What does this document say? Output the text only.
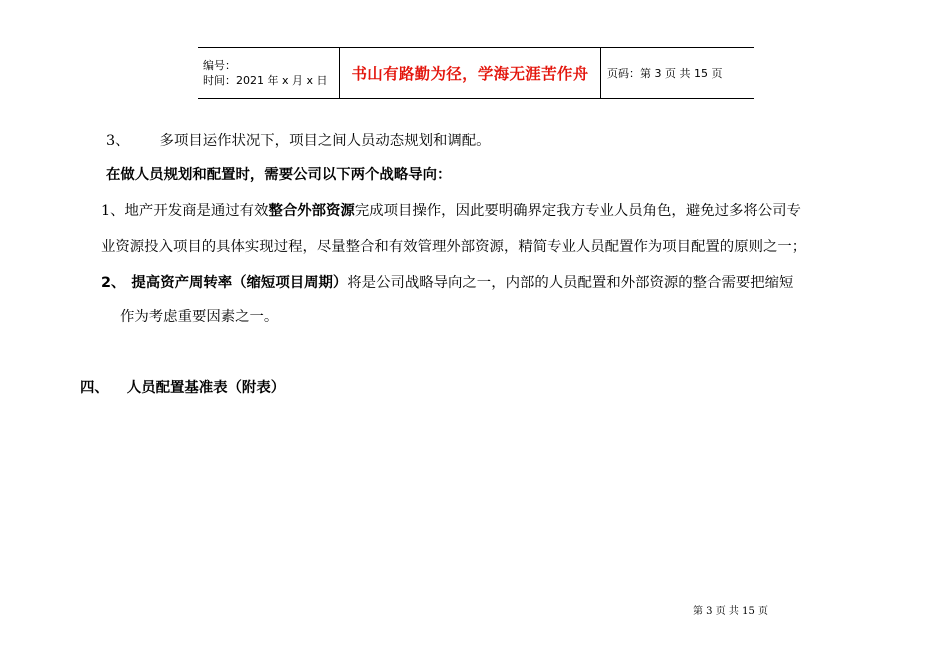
编号：
时间：2021 年 x 月 x 日	书山有路勤为径，学海无涯苦作舟 页码：第 3 页 共 15 页
3、 多项目运作状况下，项目之间人员动态规划和调配。
在做人员规划和配置时，需要公司以下两个战略导向：
1、地产开发商是通过有效整合外部资源完成项目操作，因此要明确界定我方专业人员角色，避免过多将公司专
业资源投入项目的具体实现过程，尽量整合和有效管理外部资源，精简专业人员配置作为项目配置的原则之一；
2、 提高资产周转率（缩短项目周期）将是公司战略导向之一，内部的人员配置和外部资源的整合需要把缩短
作为考虑重要因素之一。
四、 人员配置基准表（附表）
第 3 页 共 15 页
